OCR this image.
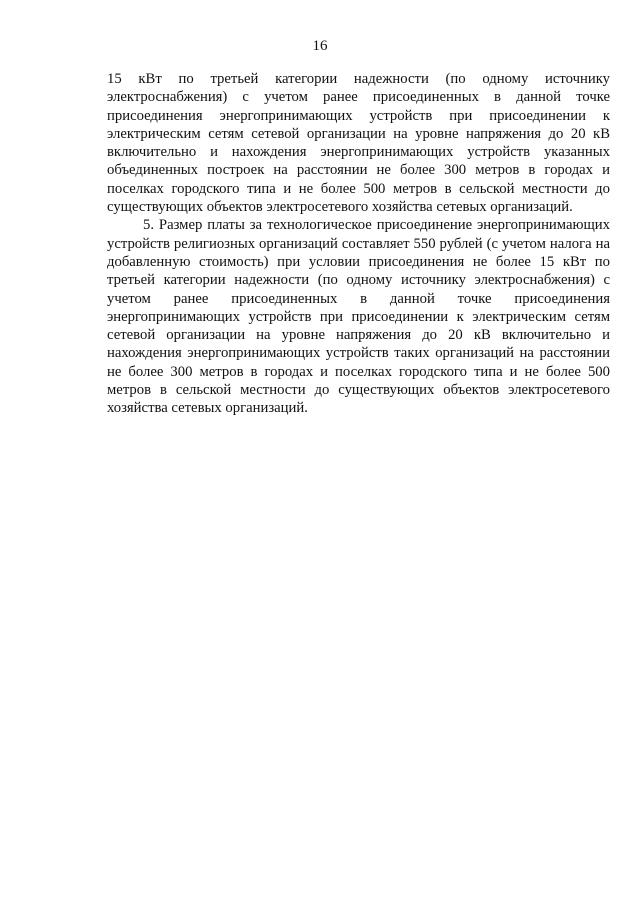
16

15 кВт по третьей категории надежности (по одному источнику электроснабжения) с учетом ранее присоединенных в данной точке присоединения энергопринимающих устройств при присоединении к электрическим сетям сетевой организации на уровне напряжения до 20 кВ включительно и нахождения энергопринимающих устройств указанных объединенных построек на расстоянии не более 300 метров в городах и поселках городского типа и не более 500 метров в сельской местности до существующих объектов электросетевого хозяйства сетевых организаций.

5. Размер платы за технологическое присоединение энергопринимающих устройств религиозных организаций составляет 550 рублей (с учетом налога на добавленную стоимость) при условии присоединения не более 15 кВт по третьей категории надежности (по одному источнику электроснабжения) с учетом ранее присоединенных в данной точке присоединения энергопринимающих устройств при присоединении к электрическим сетям сетевой организации на уровне напряжения до 20 кВ включительно и нахождения энергопринимающих устройств таких организаций на расстоянии не более 300 метров в городах и поселках городского типа и не более 500 метров в сельской местности до существующих объектов электросетевого хозяйства сетевых организаций.
